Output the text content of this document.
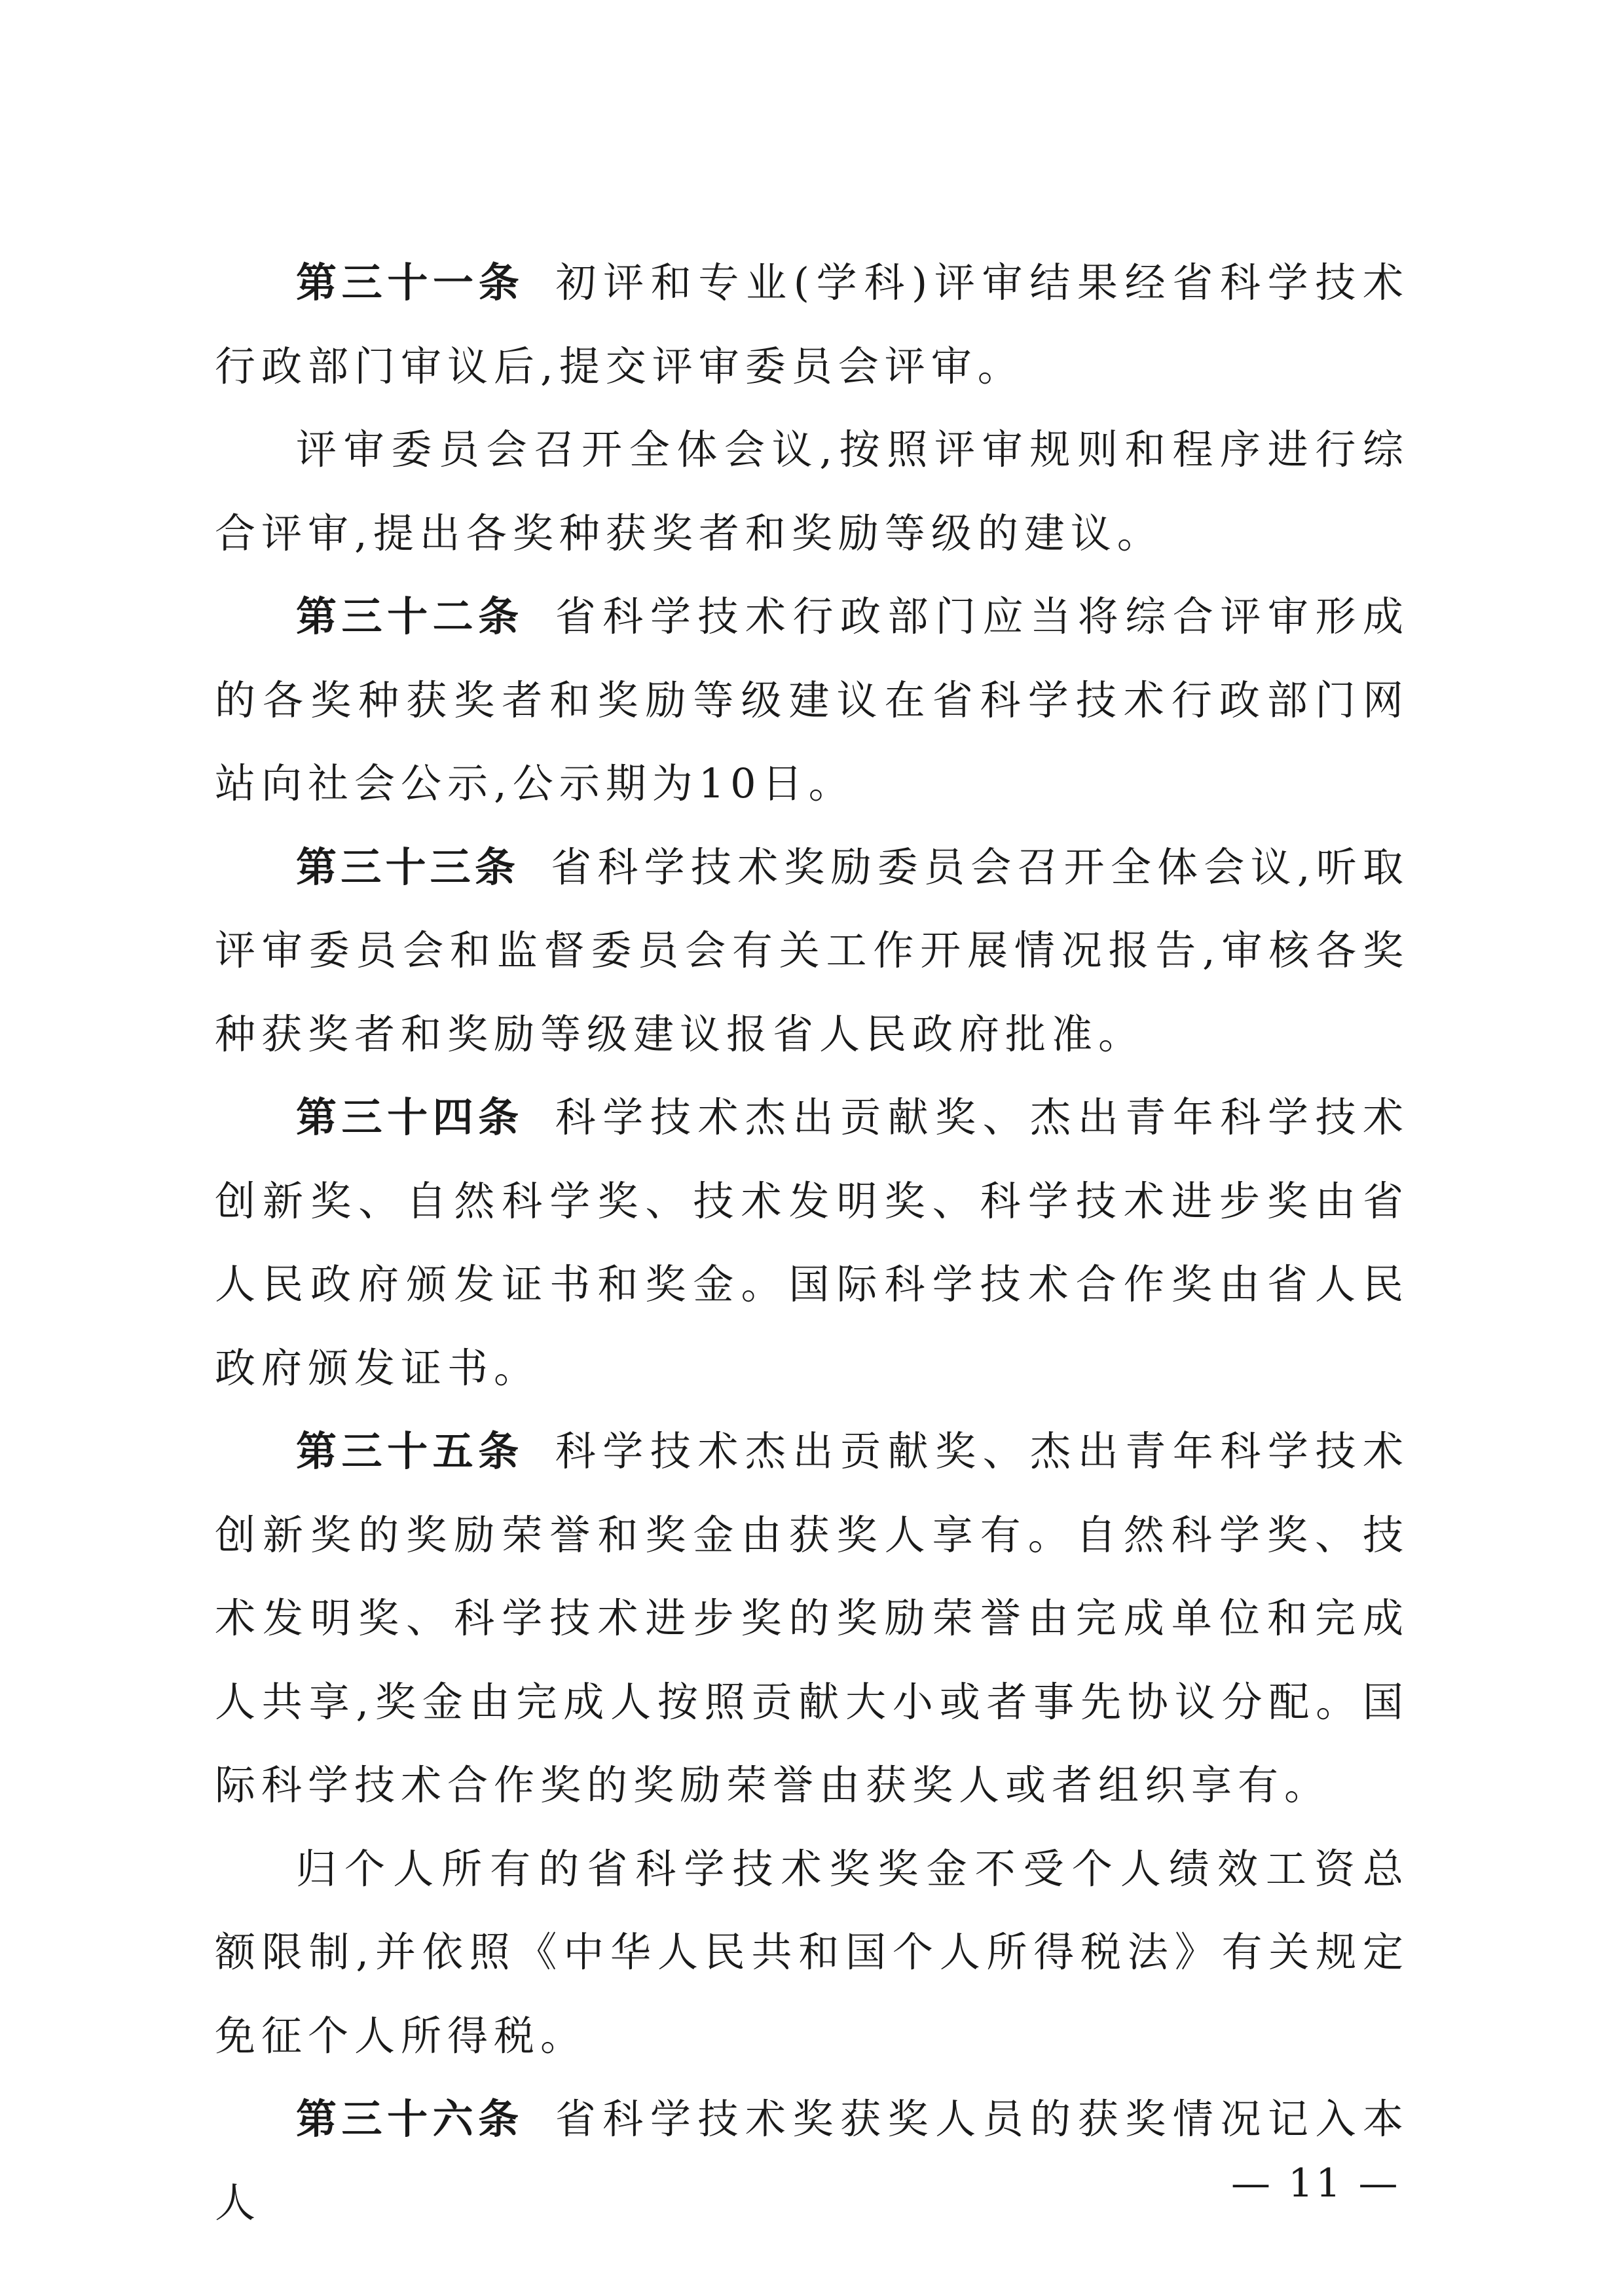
第三十一条 初评和专业(学科)评审结果经省科学技术行政部门审议后,提交评审委员会评审。

评审委员会召开全体会议,按照评审规则和程序进行综合评审,提出各奖种获奖者和奖励等级的建议。

第三十二条 省科学技术行政部门应当将综合评审形成的各奖种获奖者和奖励等级建议在省科学技术行政部门网站向社会公示,公示期为10日。

第三十三条 省科学技术奖励委员会召开全体会议,听取评审委员会和监督委员会有关工作开展情况报告,审核各奖种获奖者和奖励等级建议报省人民政府批准。

第三十四条 科学技术杰出贡献奖、杰出青年科学技术创新奖、自然科学奖、技术发明奖、科学技术进步奖由省人民政府颁发证书和奖金。国际科学技术合作奖由省人民政府颁发证书。

第三十五条 科学技术杰出贡献奖、杰出青年科学技术创新奖的奖励荣誉和奖金由获奖人享有。自然科学奖、技术发明奖、科学技术进步奖的奖励荣誉由完成单位和完成人共享,奖金由完成人按照贡献大小或者事先协议分配。国际科学技术合作奖的奖励荣誉由获奖人或者组织享有。

归个人所有的省科学技术奖奖金不受个人绩效工资总额限制,并依照《中华人民共和国个人所得税法》有关规定免征个人所得税。

第三十六条 省科学技术奖获奖人员的获奖情况记入本人	— 11 —
